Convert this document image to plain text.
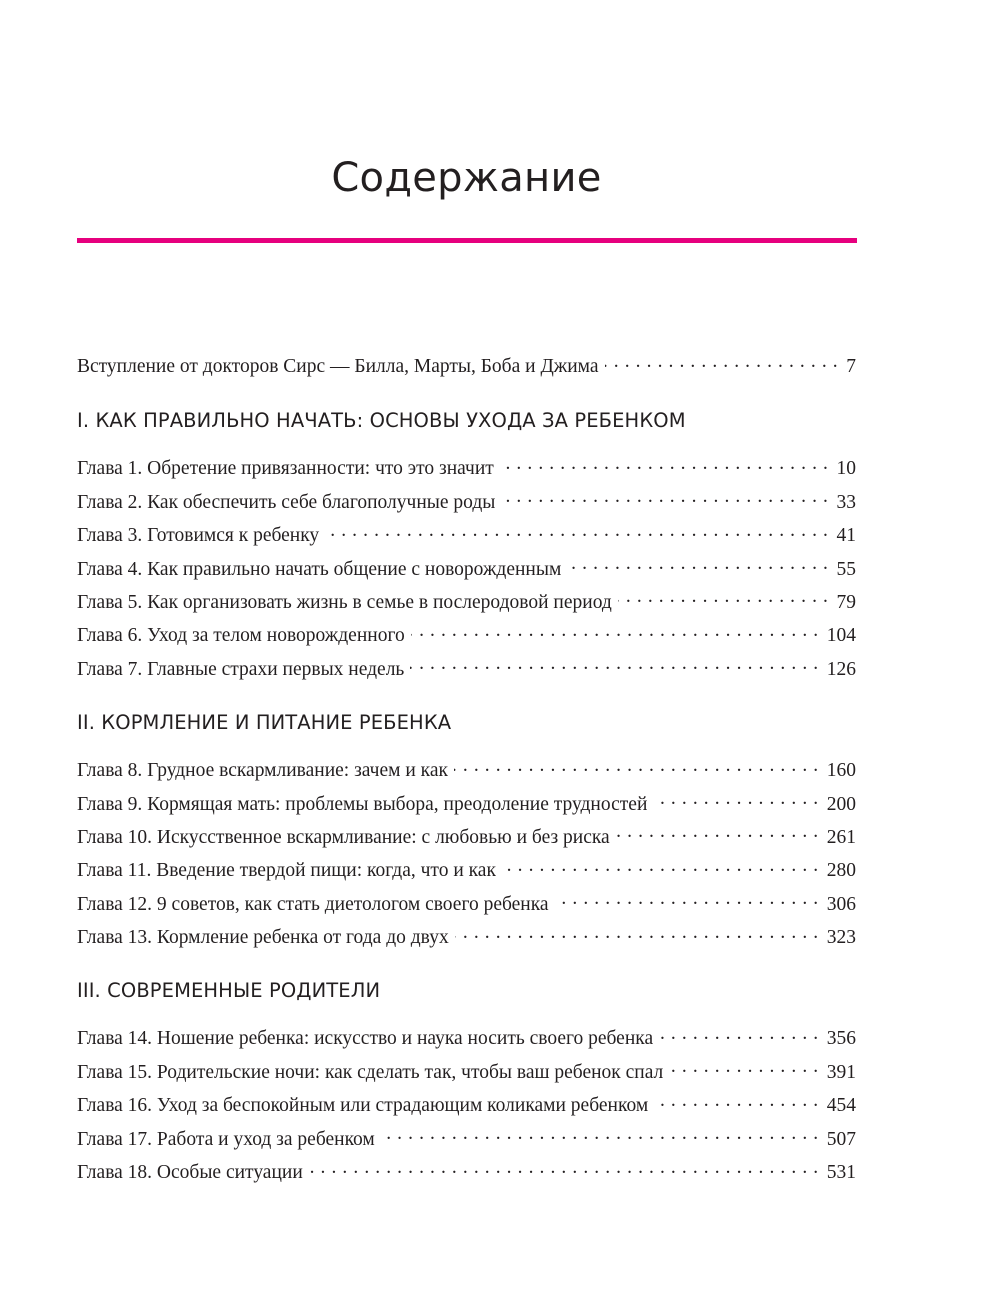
Содержание
Вступление от докторов Сирс — Билла, Марты, Боба и Джима . . .	7
I. КАК ПРАВИЛЬНО НАЧАТЬ: ОСНОВЫ УХОДА ЗА РЕБЕНКОМ
Глава 1. Обретение привязанности: что это значит . . .	10
Глава 2. Как обеспечить себе благополучные роды . . .	33
Глава 3. Готовимся к ребенку . . .	41
Глава 4. Как правильно начать общение с новорожденным . . .	55
Глава 5. Как организовать жизнь в семье в послеродовой период . . .	79
Глава 6. Уход за телом новорожденного . . .	104
Глава 7. Главные страхи первых недель . . .	126
II. КОРМЛЕНИЕ И ПИТАНИЕ РЕБЕНКА
Глава 8. Грудное вскармливание: зачем и как . . .	160
Глава 9. Кормящая мать: проблемы выбора, преодоление трудностей . . .	200
Глава 10. Искусственное вскармливание: с любовью и без риска . . .	261
Глава 11. Введение твердой пищи: когда, что и как . . .	280
Глава 12. 9 советов, как стать диетологом своего ребенка . . .	306
Глава 13. Кормление ребенка от года до двух . . .	323
III. СОВРЕМЕННЫЕ РОДИТЕЛИ
Глава 14. Ношение ребенка: искусство и наука носить своего ребенка . . .	356
Глава 15. Родительские ночи: как сделать так, чтобы ваш ребенок спал . . .	391
Глава 16. Уход за беспокойным или страдающим коликами ребенком . . .	454
Глава 17. Работа и уход за ребенком . . .	507
Глава 18. Особые ситуации . . .	531
